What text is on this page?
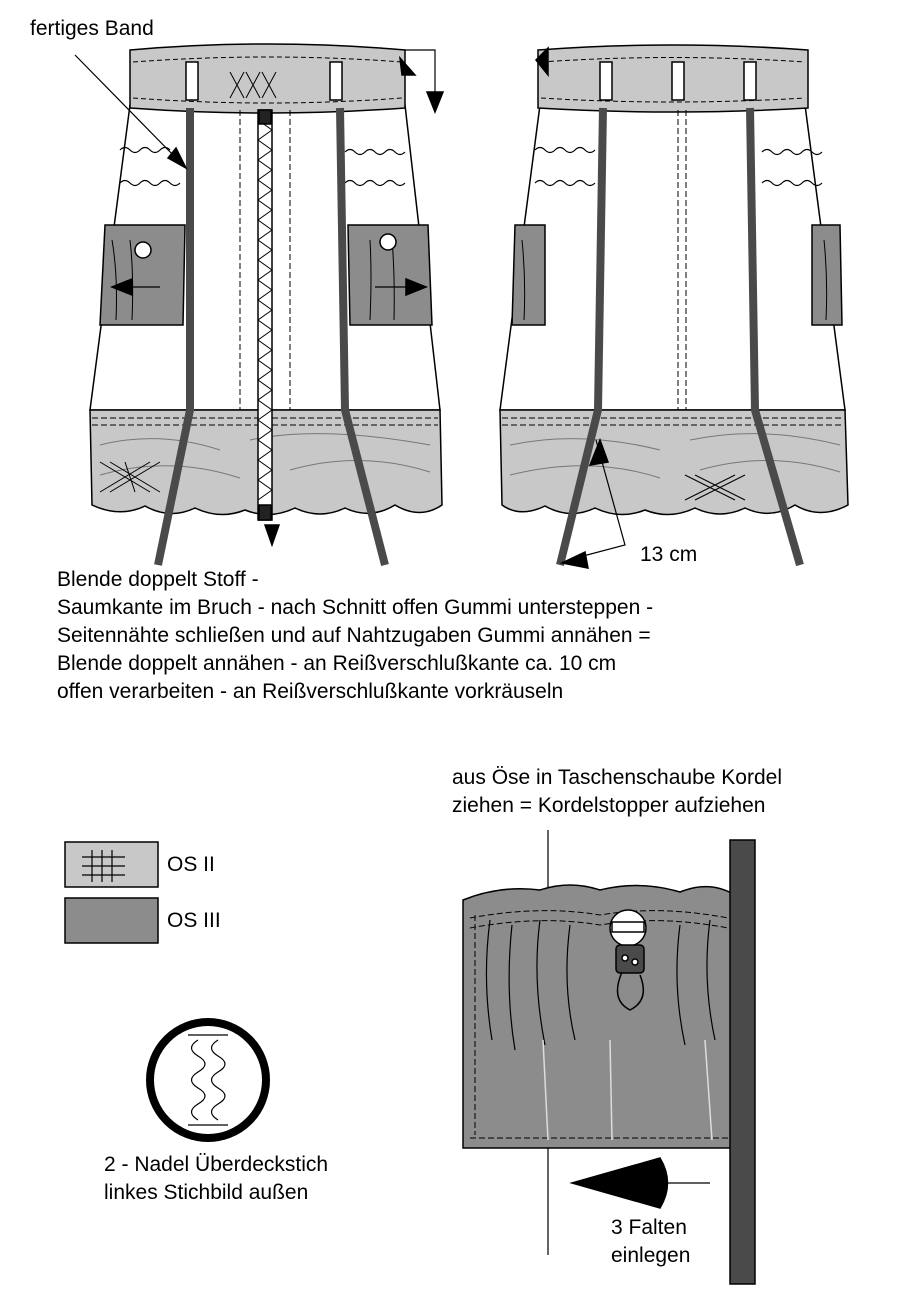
fertiges Band
13 cm
Blende doppelt Stoff -
Saumkante im Bruch - nach Schnitt offen Gummi untersteppen -
Seitennähte schließen und auf Nahtzugaben Gummi annähen =
Blende doppelt annähen - an Reißverschlußkante ca. 10 cm
offen verarbeiten - an Reißverschlußkante vorkräuseln
OS II
OS III
aus Öse in Taschenschaube Kordel
ziehen = Kordelstopper aufziehen
2 - Nadel Überdeckstich
linkes Stichbild außen
3 Falten
einlegen
